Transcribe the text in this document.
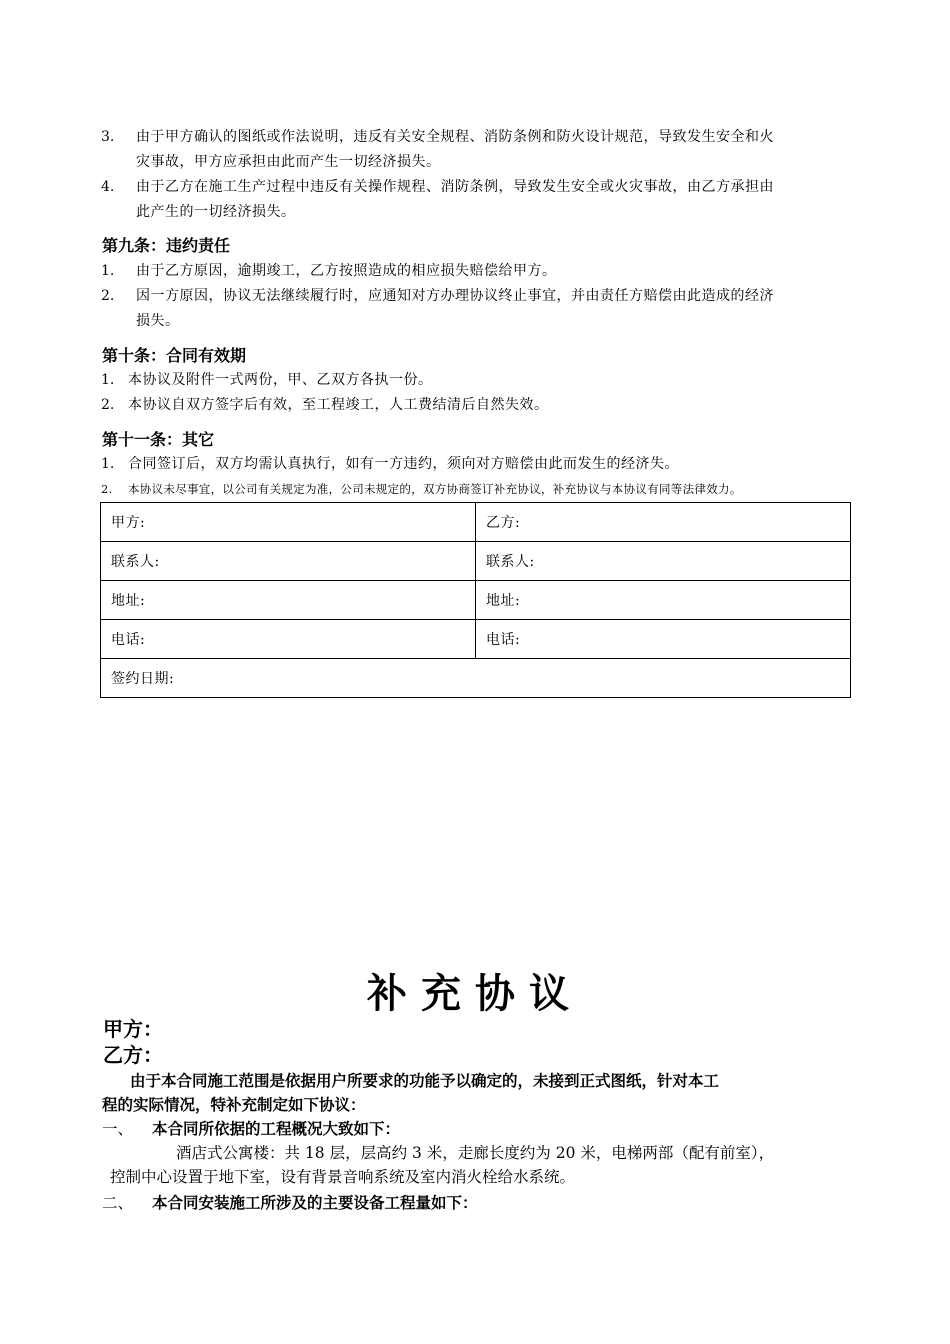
3. 由于甲方确认的图纸或作法说明，违反有关安全规程、消防条例和防火设计规范，导致发生安全和火
灾事故，甲方应承担由此而产生一切经济损失。
4. 由于乙方在施工生产过程中违反有关操作规程、消防条例，导致发生安全或火灾事故，由乙方承担由
此产生的一切经济损失。
第九条：违约责任
1. 由于乙方原因，逾期竣工，乙方按照造成的相应损失赔偿给甲方。
2. 因一方原因，协议无法继续履行时，应通知对方办理协议终止事宜，并由责任方赔偿由此造成的经济
损失。
第十条：合同有效期
1. 本协议及附件一式两份，甲、乙双方各执一份。
2. 本协议自双方签字后有效，至工程竣工，人工费结清后自然失效。
第十一条：其它
1. 合同签订后，双方均需认真执行，如有一方违约，须向对方赔偿由此而发生的经济失。
2. 本协议未尽事宜，以公司有关规定为准，公司未规定的，双方协商签订补充协议，补充协议与本协议有同等法律效力。
甲方:	乙方:
联系人:	联系人:
地址:	地址:
电话:	电话:
签约日期:	
补充协议
甲方：
乙方：
由于本合同施工范围是依据用户所要求的功能予以确定的，未接到正式图纸，针对本工
程的实际情况，特补充制定如下协议：
一、 本合同所依据的工程概况大致如下：
酒店式公寓楼：共 18 层，层高约 3 米，走廊长度约为 20 米，电梯两部（配有前室），
控制中心设置于地下室，设有背景音响系统及室内消火栓给水系统。
二、 本合同安装施工所涉及的主要设备工程量如下：
